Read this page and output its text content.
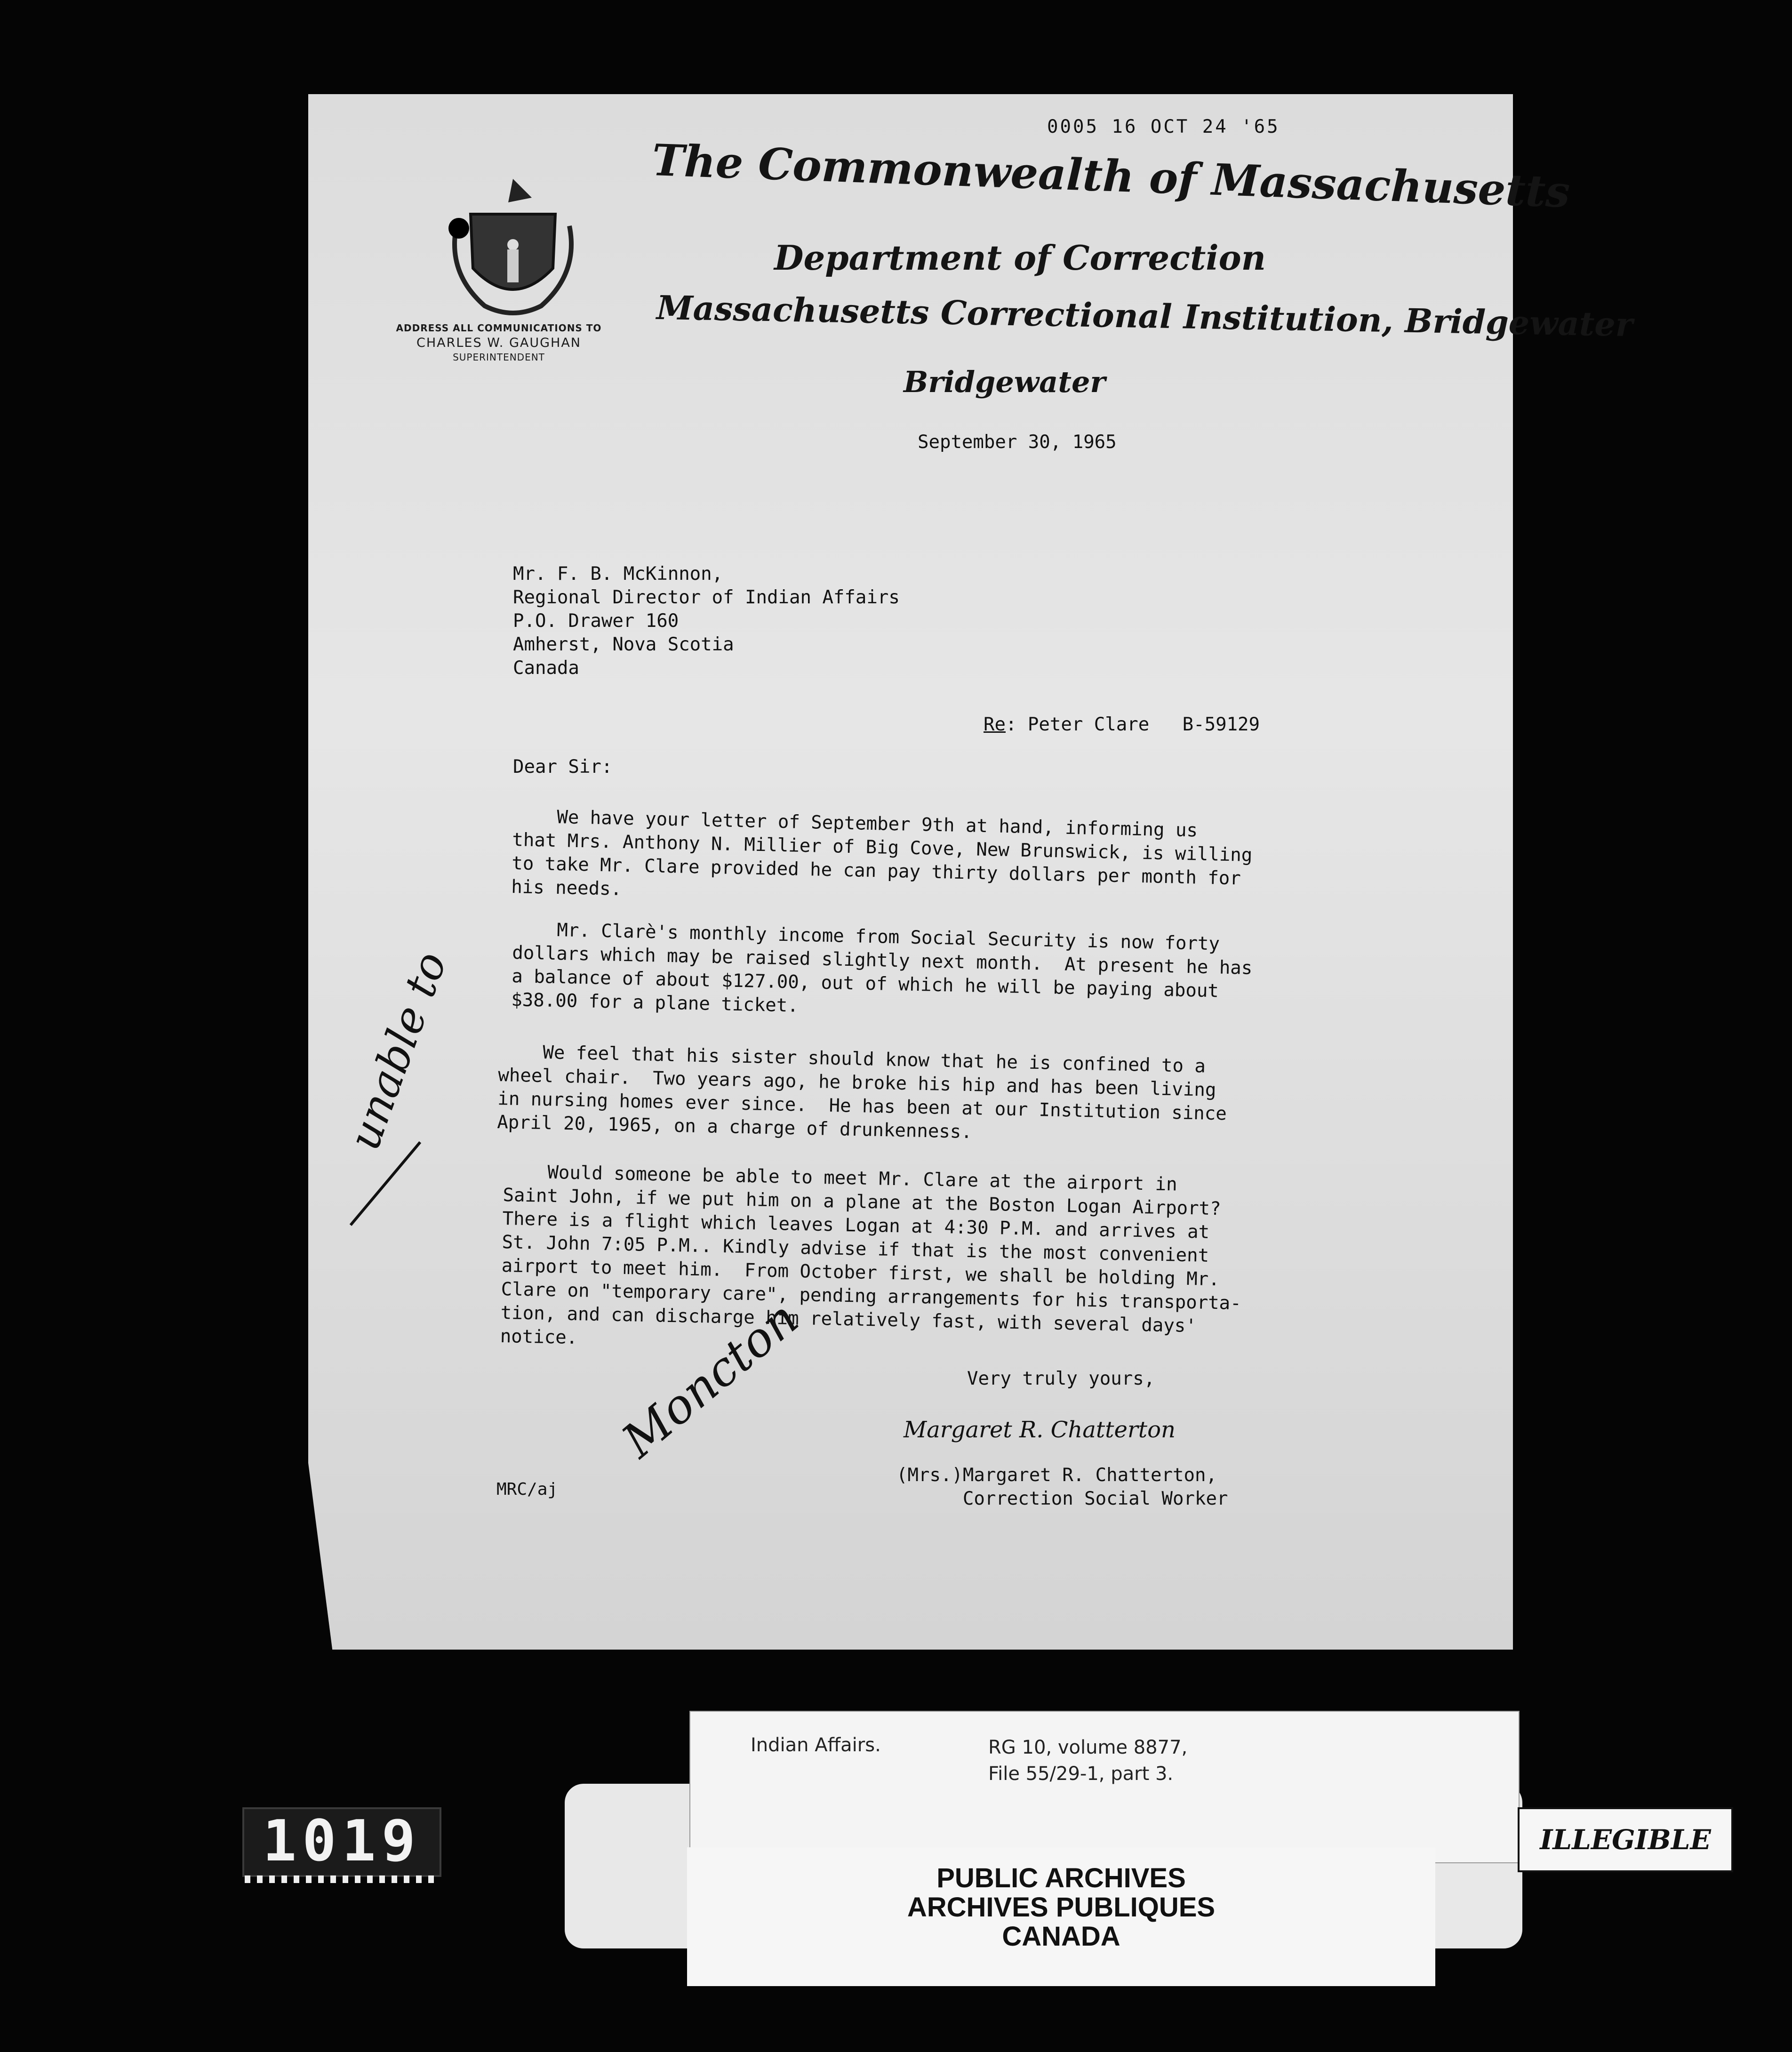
0005 16 OCT 24 '65
ADDRESS ALL COMMUNICATIONS TO
CHARLES W. GAUGHAN
SUPERINTENDENT
The Commonwealth of Massachusetts
Department of Correction
Massachusetts Correctional Institution, Bridgewater
Bridgewater
September 30, 1965
Mr. F. B. McKinnon,
Regional Director of Indian Affairs
P.O. Drawer 160
Amherst, Nova Scotia
Canada
Re: Peter Clare   B-59129
Dear Sir:
We have your letter of September 9th at hand, informing us
that Mrs. Anthony N. Millier of Big Cove, New Brunswick, is willing
to take Mr. Clare provided he can pay thirty dollars per month for
his needs.
Mr. Clarè's monthly income from Social Security is now forty
dollars which may be raised slightly next month.  At present he has
a balance of about $127.00, out of which he will be paying about
$38.00 for a plane ticket.
We feel that his sister should know that he is confined to a
wheel chair.  Two years ago, he broke his hip and has been living
in nursing homes ever since.  He has been at our Institution since
April 20, 1965, on a charge of drunkenness.
Would someone be able to meet Mr. Clare at the airport in
Saint John, if we put him on a plane at the Boston Logan Airport?
There is a flight which leaves Logan at 4:30 P.M. and arrives at
St. John 7:05 P.M.. Kindly advise if that is the most convenient
airport to meet him.  From October first, we shall be holding Mr.
Clare on "temporary care", pending arrangements for his transporta-
tion, and can discharge him relatively fast, with several days'
notice.
Very truly yours,
Margaret R. Chatterton
(Mrs.)Margaret R. Chatterton,
Correction Social Worker
MRC/aj
Moncton
unable to
1019
Indian Affairs.	RG 10, volume 8877,
File 55/29-1, part 3.
PUBLIC ARCHIVES
ARCHIVES PUBLIQUES
CANADA
ILLEGIBLE
